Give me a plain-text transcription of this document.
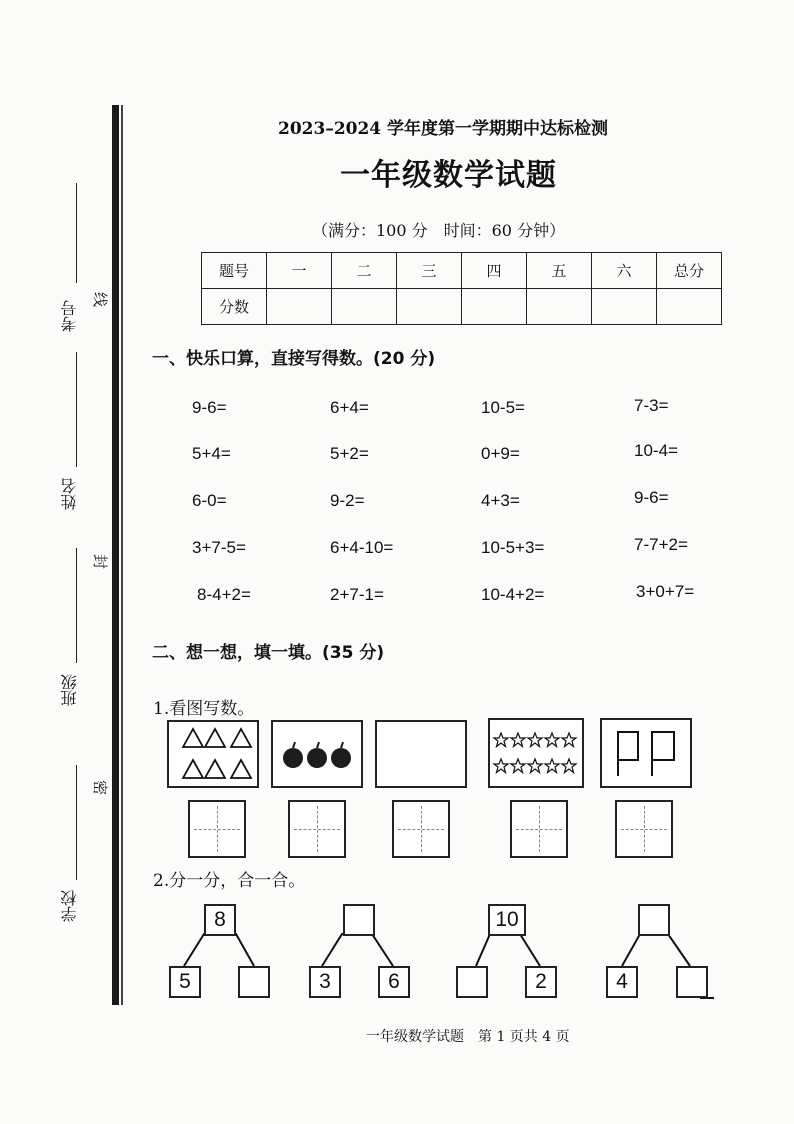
考号
姓名
班级
学校
线
封
密
2023–2024 学年度第一学期期中达标检测
一年级数学试题
（满分：100 分　时间：60 分钟）
题号	一	二	三	四	五	六	总分
分数							
一、快乐口算，直接写得数。(20 分)
9-6=	6+4=	10-5=	7-3=
5+4=	5+2=	0+9=	10-4=
6-0=	9-2=	4+3=	9-6=
3+7-5=	6+4-10=	10-5+3=	7-7+2=
8-4+2=	2+7-1=	10-4+2=	3+0+7=
二、想一想，填一填。(35 分)
1.看图写数。
2.分一分，合一合。
8
5	3	6
10
2	4
一年级数学试题　第 1 页共 4 页
